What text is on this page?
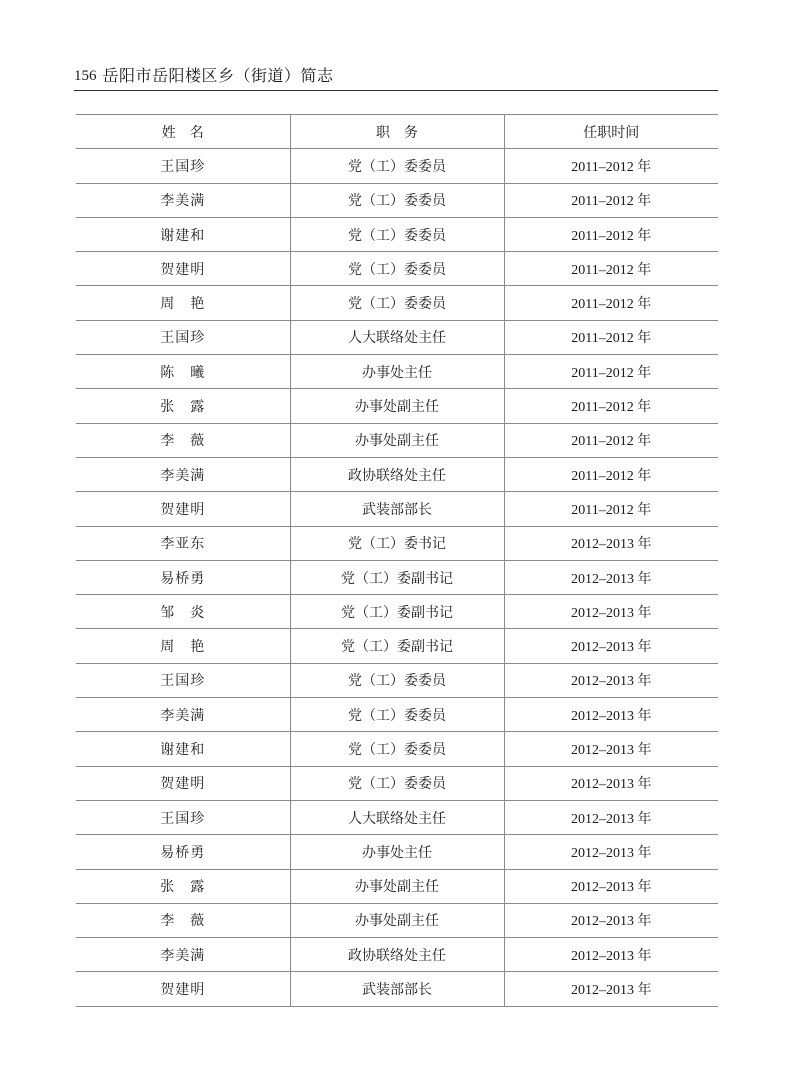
156 岳阳市岳阳楼区乡（街道）简志
姓　名	职　务	任职时间
王国珍	党（工）委委员	2011–2012 年
李美满	党（工）委委员	2011–2012 年
谢建和	党（工）委委员	2011–2012 年
贺建明	党（工）委委员	2011–2012 年
周　艳	党（工）委委员	2011–2012 年
王国珍	人大联络处主任	2011–2012 年
陈　曦	办事处主任	2011–2012 年
张　露	办事处副主任	2011–2012 年
李　薇	办事处副主任	2011–2012 年
李美满	政协联络处主任	2011–2012 年
贺建明	武装部部长	2011–2012 年
李亚东	党（工）委书记	2012–2013 年
易桥勇	党（工）委副书记	2012–2013 年
邹　炎	党（工）委副书记	2012–2013 年
周　艳	党（工）委副书记	2012–2013 年
王国珍	党（工）委委员	2012–2013 年
李美满	党（工）委委员	2012–2013 年
谢建和	党（工）委委员	2012–2013 年
贺建明	党（工）委委员	2012–2013 年
王国珍	人大联络处主任	2012–2013 年
易桥勇	办事处主任	2012–2013 年
张　露	办事处副主任	2012–2013 年
李　薇	办事处副主任	2012–2013 年
李美满	政协联络处主任	2012–2013 年
贺建明	武装部部长	2012–2013 年
